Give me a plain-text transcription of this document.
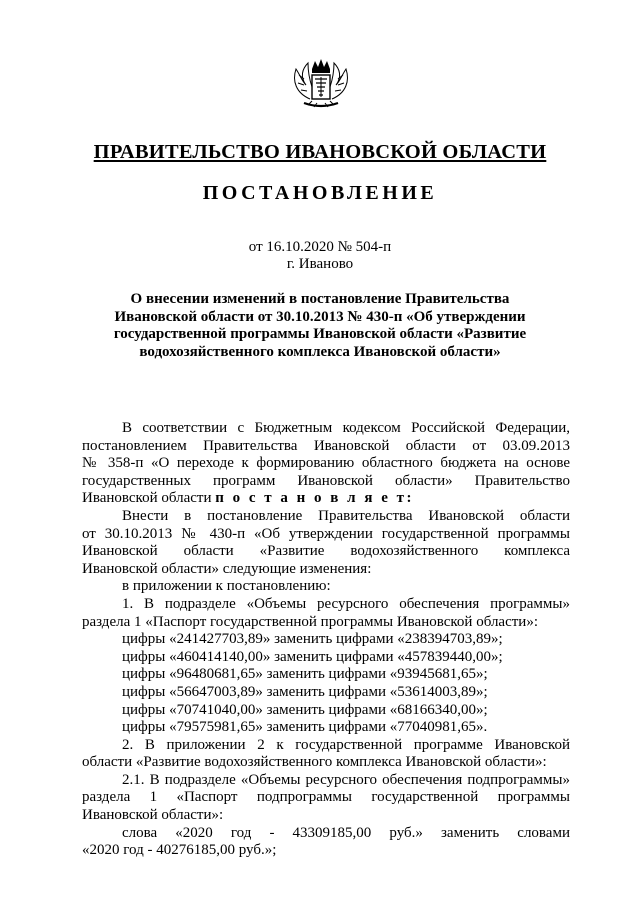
ПРАВИТЕЛЬСТВО ИВАНОВСКОЙ ОБЛАСТИ
ПОСТАНОВЛЕНИЕ
от 16.10.2020 № 504-п
г. Иваново
О внесении изменений в постановление Правительства
Ивановской области от 30.10.2013 № 430-п «Об утверждении
государственной программы Ивановской области «Развитие
водохозяйственного комплекса Ивановской области»

В соответствии с Бюджетным кодексом Российской Федерации,

постановлением Правительства Ивановской области от 03.09.2013

№ 358-п «О переходе к формированию областного бюджета на основе

государственных программ Ивановской области» Правительство

Ивановской области п о с т а н о в л я е т:

Внести в постановление Правительства Ивановской области

от 30.10.2013 № 430-п «Об утверждении государственной программы

Ивановской области «Развитие водохозяйственного комплекса

Ивановской области» следующие изменения:

в приложении к постановлению:

1. В подразделе «Объемы ресурсного обеспечения программы»

раздела 1 «Паспорт государственной программы Ивановской области»:

цифры «241427703,89» заменить цифрами «238394703,89»;

цифры «460414140,00» заменить цифрами «457839440,00»;

цифры «96480681,65» заменить цифрами «93945681,65»;

цифры «56647003,89» заменить цифрами «53614003,89»;

цифры «70741040,00» заменить цифрами «68166340,00»;

цифры «79575981,65» заменить цифрами «77040981,65».

2. В приложении 2 к государственной программе Ивановской

области «Развитие водохозяйственного комплекса Ивановской области»:

2.1. В подразделе «Объемы ресурсного обеспечения подпрограммы»

раздела 1 «Паспорт подпрограммы государственной программы

Ивановской области»:

слова «2020 год - 43309185,00 руб.» заменить словами

«2020 год - 40276185,00 руб.»;
